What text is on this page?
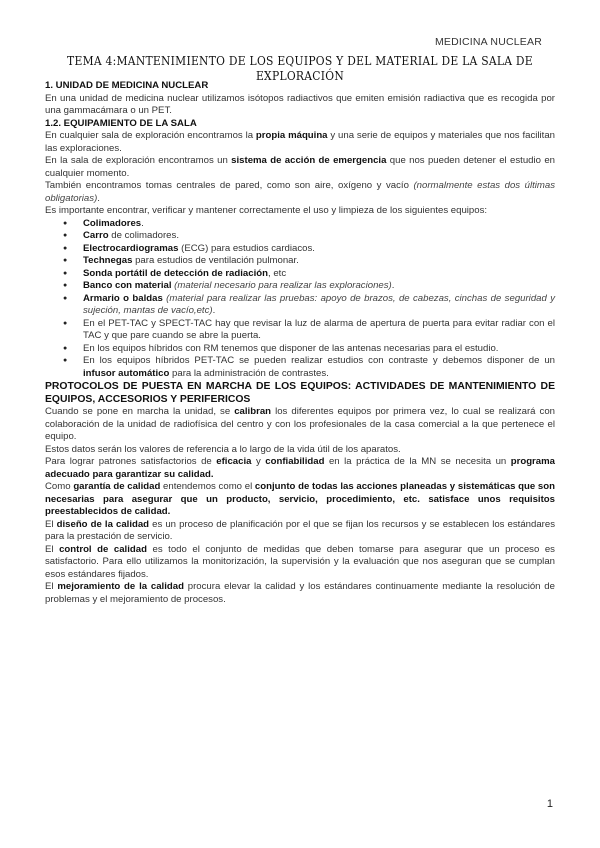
MEDICINA NUCLEAR
TEMA 4:MANTENIMIENTO DE LOS EQUIPOS Y DEL MATERIAL DE LA SALA DE EXPLORACIÓN

1. UNIDAD DE MEDICINA NUCLEAR

En una unidad de medicina nuclear utilizamos isótopos radiactivos que emiten emisión radiactiva que es recogida por una gammacámara o un PET.

1.2. EQUIPAMIENTO DE LA SALA

En cualquier sala de exploración encontramos la propia máquina y una serie de equipos y materiales que nos facilitan las exploraciones.

En la sala de exploración encontramos un sistema de acción de emergencia que nos pueden detener el estudio en cualquier momento.

También encontramos tomas centrales de pared, como son aire, oxígeno y vacío (normalmente estas dos últimas obligatorias).

Es importante encontrar, verificar y mantener correctamente el uso y limpieza de los siguientes equipos:

● Colimadores.
● Carro de colimadores.
● Electrocardiogramas (ECG) para estudios cardiacos.
● Technegas para estudios de ventilación pulmonar.
● Sonda portátil de detección de radiación, etc
● Banco con material (material necesario para realizar las exploraciones).
● Armario o baldas (material para realizar las pruebas: apoyo de brazos, de cabezas, cinchas de seguridad y sujeción, mantas de vacío,etc).
● En el PET-TAC y SPECT-TAC hay que revisar la luz de alarma de apertura de puerta para evitar radiar con el TAC y que pare cuando se abre la puerta.
● En los equipos híbridos con RM tenemos que disponer de las antenas necesarias para el estudio.
● En los equipos híbridos PET-TAC se pueden realizar estudios con contraste y debemos disponer de un infusor automático para la administración de contrastes.

PROTOCOLOS DE PUESTA EN MARCHA DE LOS EQUIPOS: ACTIVIDADES DE MANTENIMIENTO DE EQUIPOS, ACCESORIOS Y PERIFERICOS

Cuando se pone en marcha la unidad, se calibran los diferentes equipos por primera vez, lo cual se realizará con colaboración de la unidad de radiofísica del centro y con los profesionales de la casa comercial a la que pertenece el equipo.

Estos datos serán los valores de referencia a lo largo de la vida útil de los aparatos.

Para lograr patrones satisfactorios de eficacia y confiabilidad en la práctica de la MN se necesita un programa adecuado para garantizar su calidad.

Como garantía de calidad entendemos como el conjunto de todas las acciones planeadas y sistemáticas que son necesarias para asegurar que un producto, servicio, procedimiento, etc. satisface unos requisitos preestablecidos de calidad.

El diseño de la calidad es un proceso de planificación por el que se fijan los recursos y se establecen los estándares para la prestación de servicio.

El control de calidad es todo el conjunto de medidas que deben tomarse para asegurar que un proceso es satisfactorio. Para ello utilizamos la monitorización, la supervisión y la evaluación que nos aseguran que se cumplan esos estándares fijados.

El mejoramiento de la calidad procura elevar la calidad y los estándares continuamente mediante la resolución de problemas y el mejoramiento de procesos.

1
